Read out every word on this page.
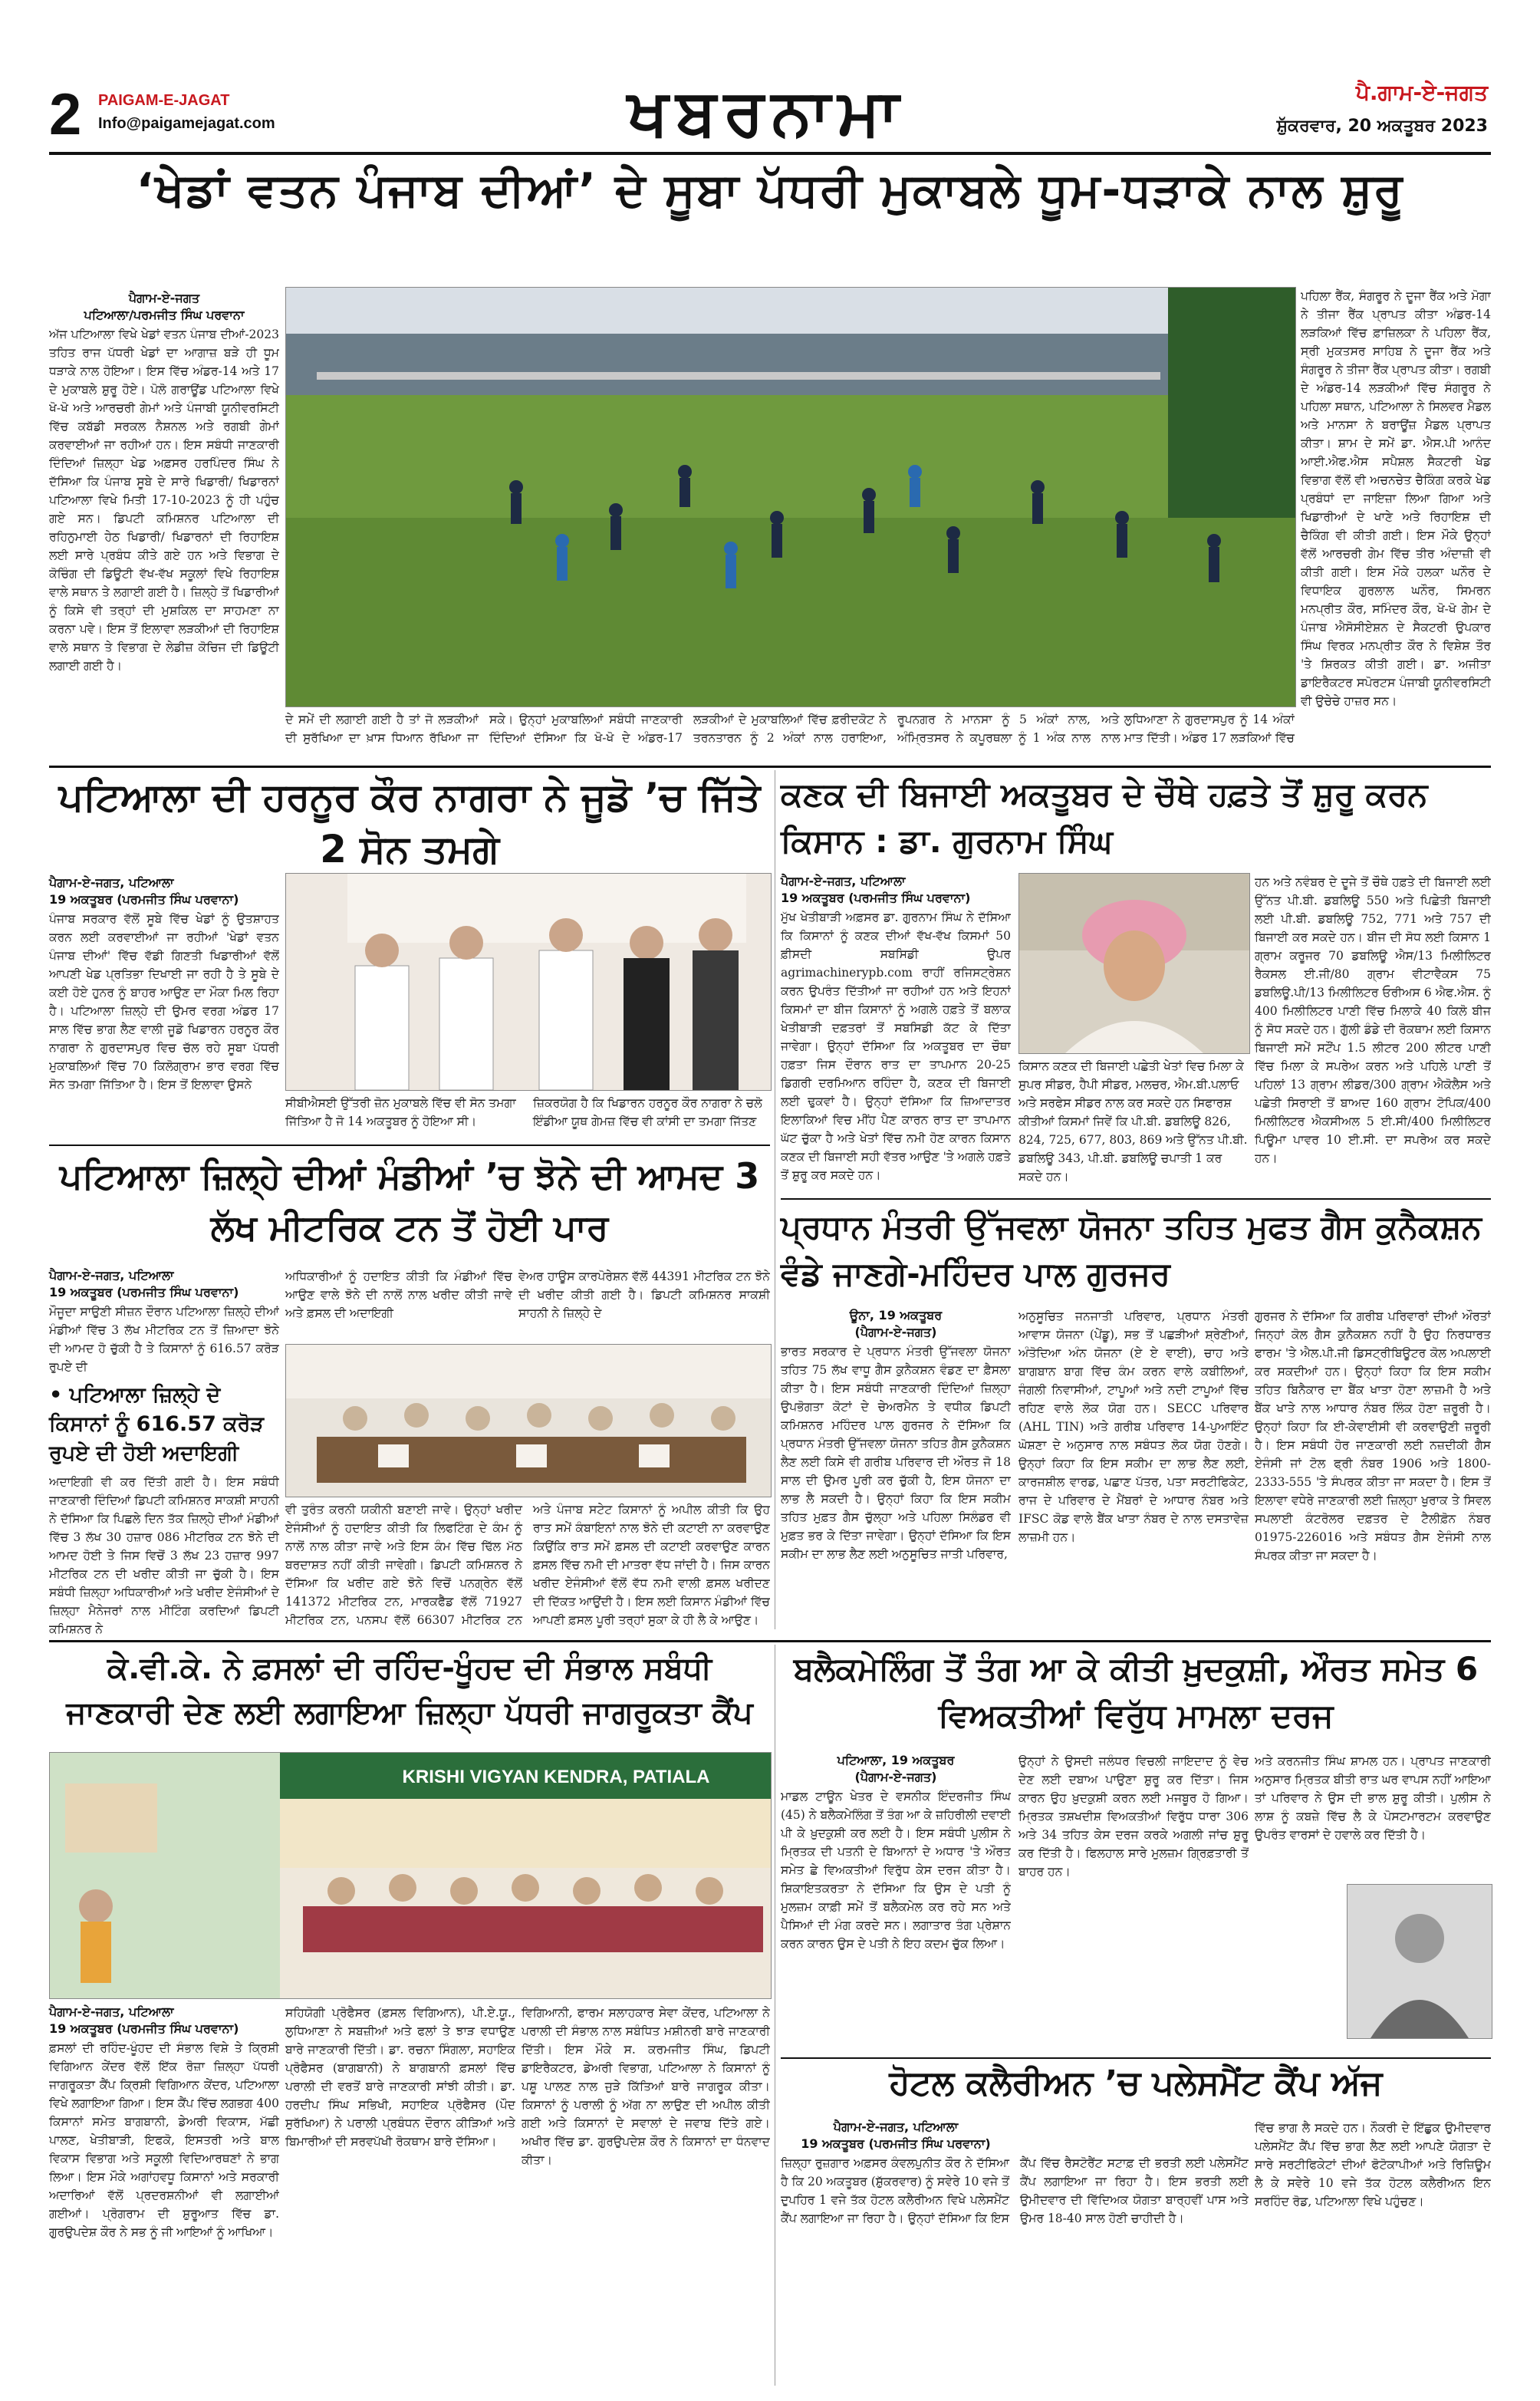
2 PAIGAM-E-JAGAT
Info@paigamejagat.com	ਖਬਰਨਾਮਾ	ਪੈ.ਗਾਮ-ਏ-ਜਗਤ
ਸ਼ੁੱਕਰਵਾਰ, 20 ਅਕਤੂਬਰ 2023
‘ਖੇਡਾਂ ਵਤਨ ਪੰਜਾਬ ਦੀਆਂ’ ਦੇ ਸੂਬਾ ਪੱਧਰੀ ਮੁਕਾਬਲੇ ਧੂਮ-ਧੜਾਕੇ ਨਾਲ ਸ਼ੁਰੂ
ਪੈਗਾਮ-ਏ-ਜਗਤ
ਪਟਿਆਲਾ/ਪਰਮਜੀਤ ਸਿੰਘ ਪਰਵਾਨਾ
ਅੱਜ ਪਟਿਆਲਾ ਵਿਖੇ ਖੇਡਾਂ ਵਤਨ ਪੰਜਾਬ ਦੀਆਂ-2023 ਤਹਿਤ ਰਾਜ ਪੱਧਰੀ ਖੇਡਾਂ ਦਾ ਆਗਾਜ਼ ਬੜੇ ਹੀ ਧੂਮ ਧੜਾਕੇ ਨਾਲ ਹੋਇਆ। ਇਸ ਵਿੱਚ ਅੰਡਰ-14 ਅਤੇ 17 ਦੇ ਮੁਕਾਬਲੇ ਸ਼ੁਰੂ ਹੋਏ। ਪੋਲੋ ਗਰਾਊਂਡ ਪਟਿਆਲਾ ਵਿਖੇ ਖੋ-ਖੋ ਅਤੇ ਆਰਚਰੀ ਗੇਮਾਂ ਅਤੇ ਪੰਜਾਬੀ ਯੂਨੀਵਰਸਿਟੀ ਵਿੱਚ ਕਬੱਡੀ ਸਰਕਲ ਨੈਸ਼ਨਲ ਅਤੇ ਰਗਬੀ ਗੇਮਾਂ ਕਰਵਾਈਆਂ ਜਾ ਰਹੀਆਂ ਹਨ। ਇਸ ਸਬੰਧੀ ਜਾਣਕਾਰੀ ਦਿੰਦਿਆਂ ਜ਼ਿਲ੍ਹਾ ਖੇਡ ਅਫ਼ਸਰ ਹਰਪਿੰਦਰ ਸਿੰਘ ਨੇ ਦੱਸਿਆ ਕਿ ਪੰਜਾਬ ਸੂਬੇ ਦੇ ਸਾਰੇ ਖਿਡਾਰੀ/ ਖਿਡਾਰਨਾਂ ਪਟਿਆਲਾ ਵਿਖੇ ਮਿਤੀ 17-10-2023 ਨੂੰ ਹੀ ਪਹੁੰਚ ਗਏ ਸਨ। ਡਿਪਟੀ ਕਮਿਸ਼ਨਰ ਪਟਿਆਲਾ ਦੀ ਰਹਿਨੁਮਾਈ ਹੇਠ ਖਿਡਾਰੀ/ ਖਿਡਾਰਨਾਂ ਦੀ ਰਿਹਾਇਸ਼ ਲਈ ਸਾਰੇ ਪ੍ਰਬੰਧ ਕੀਤੇ ਗਏ ਹਨ ਅਤੇ ਵਿਭਾਗ ਦੇ ਕੋਚਿੰਗ ਦੀ ਡਿਊਟੀ ਵੱਖ-ਵੱਖ ਸਕੂਲਾਂ ਵਿਖੇ ਰਿਹਾਇਸ਼ ਵਾਲੇ ਸਥਾਨ ਤੇ ਲਗਾਈ ਗਈ ਹੈ। ਜ਼ਿਲ੍ਹੇ ਤੋਂ ਖਿਡਾਰੀਆਂ ਨੂੰ ਕਿਸੇ ਵੀ ਤਰ੍ਹਾਂ ਦੀ ਮੁਸ਼ਕਿਲ ਦਾ ਸਾਹਮਣਾ ਨਾ ਕਰਨਾ ਪਵੇ। ਇਸ ਤੋਂ ਇਲਾਵਾ ਲੜਕੀਆਂ ਦੀ ਰਿਹਾਇਸ਼ ਵਾਲੇ ਸਥਾਨ ਤੇ ਵਿਭਾਗ ਦੇ ਲੇਡੀਜ਼ ਕੋਚਿਜ ਦੀ ਡਿਊਟੀ ਲਗਾਈ ਗਈ ਹੈ।
ਦੇ ਸਮੇਂ ਦੀ ਲਗਾਈ ਗਈ ਹੈ ਤਾਂ ਜੋ ਲੜਕੀਆਂ ਦੀ ਸੁਰੱਖਿਆ ਦਾ ਖ਼ਾਸ ਧਿਆਨ ਰੱਖਿਆ ਜਾ ਸਕੇ। ਉਨ੍ਹਾਂ ਮੁਕਾਬਲਿਆਂ ਸਬੰਧੀ ਜਾਣਕਾਰੀ ਦਿੰਦਿਆਂ ਦੱਸਿਆ ਕਿ ਖੋ-ਖੋ ਦੇ ਅੰਡਰ-17 ਲੜਕੀਆਂ ਦੇ ਮੁਕਾਬਲਿਆਂ ਵਿੱਚ ਫ਼ਰੀਦਕੋਟ ਨੇ ਤਰਨਤਾਰਨ ਨੂੰ 2 ਅੰਕਾਂ ਨਾਲ ਹਰਾਇਆ, ਰੂਪਨਗਰ ਨੇ ਮਾਨਸਾ ਨੂੰ 5 ਅੰਕਾਂ ਨਾਲ, ਅੰਮ੍ਰਿਤਸਰ ਨੇ ਕਪੂਰਥਲਾ ਨੂੰ 1 ਅੰਕ ਨਾਲ ਅਤੇ ਲੁਧਿਆਣਾ ਨੇ ਗੁਰਦਾਸਪੁਰ ਨੂੰ 14 ਅੰਕਾਂ ਨਾਲ ਮਾਤ ਦਿੱਤੀ। ਅੰਡਰ 17 ਲੜਕਿਆਂ ਵਿੱਚ
ਪਹਿਲਾ ਰੈਂਕ, ਸੰਗਰੂਰ ਨੇ ਦੂਜਾ ਰੈਂਕ ਅਤੇ ਮੋਗਾ ਨੇ ਤੀਜਾ ਰੈਂਕ ਪ੍ਰਾਪਤ ਕੀਤਾ ਅੰਡਰ-14 ਲੜਕਿਆਂ ਵਿੱਚ ਫ਼ਾਜ਼ਿਲਕਾ ਨੇ ਪਹਿਲਾ ਰੈਂਕ, ਸ੍ਰੀ ਮੁਕਤਸਰ ਸਾਹਿਬ ਨੇ ਦੂਜਾ ਰੈਂਕ ਅਤੇ ਸੰਗਰੂਰ ਨੇ ਤੀਜਾ ਰੈਂਕ ਪ੍ਰਾਪਤ ਕੀਤਾ। ਰਗਬੀ ਦੇ ਅੰਡਰ-14 ਲੜਕੀਆਂ ਵਿੱਚ ਸੰਗਰੂਰ ਨੇ ਪਹਿਲਾ ਸਥਾਨ, ਪਟਿਆਲਾ ਨੇ ਸਿਲਵਰ ਮੈਡਲ ਅਤੇ ਮਾਨਸਾ ਨੇ ਬਰਾਊਂਜ਼ ਮੈਡਲ ਪ੍ਰਾਪਤ ਕੀਤਾ। ਸ਼ਾਮ ਦੇ ਸਮੇਂ ਡਾ. ਐਸ.ਪੀ ਆਨੰਦ ਆਈ.ਐਫ.ਐਸ ਸਪੈਸ਼ਲ ਸੈਕਟਰੀ ਖੇਡ ਵਿਭਾਗ ਵੱਲੋਂ ਵੀ ਅਚਨਚੇਤ ਚੈਕਿੰਗ ਕਰਕੇ ਖੇਡ ਪ੍ਰਬੰਧਾਂ ਦਾ ਜਾਇਜ਼ਾ ਲਿਆ ਗਿਆ ਅਤੇ ਖਿਡਾਰੀਆਂ ਦੇ ਖਾਣੇ ਅਤੇ ਰਿਹਾਇਸ਼ ਦੀ ਚੈਕਿੰਗ ਵੀ ਕੀਤੀ ਗਈ। ਇਸ ਮੌਕੇ ਉਨ੍ਹਾਂ ਵੱਲੋਂ ਆਰਚਰੀ ਗੇਮ ਵਿੱਚ ਤੀਰ ਅੰਦਾਜ਼ੀ ਵੀ ਕੀਤੀ ਗਈ। ਇਸ ਮੌਕੇ ਹਲਕਾ ਘਨੌਰ ਦੇ ਵਿਧਾਇਕ ਗੁਰਲਾਲ ਘਨੌਰ, ਸਿਮਰਨ ਮਨਪ੍ਰੀਤ ਕੌਰ, ਸਮਿੰਦਰ ਕੌਰ, ਖੋ-ਖੋ ਗੇਮ ਦੇ ਪੰਜਾਬ ਐਸੋਸੀਏਸ਼ਨ ਦੇ ਸੈਕਟਰੀ ਉਪਕਾਰ ਸਿੰਘ ਵਿਰਕ ਮਨਪ੍ਰੀਤ ਕੌਰ ਨੇ ਵਿਸ਼ੇਸ਼ ਤੌਰ 'ਤੇ ਸ਼ਿਰਕਤ ਕੀਤੀ ਗਈ। ਡਾ. ਅਜੀਤਾ ਡਾਇਰੈਕਟਰ ਸਪੋਰਟਸ ਪੰਜਾਬੀ ਯੂਨੀਵਰਸਿਟੀ ਵੀ ਉਚੇਚੇ ਹਾਜ਼ਰ ਸਨ।
ਪਟਿਆਲਾ ਦੀ ਹਰਨੂਰ ਕੌਰ ਨਾਗਰਾ ਨੇ ਜੂਡੋ ’ਚ ਜਿੱਤੇ 2 ਸੋਨ ਤਮਗੇ
ਪੈਗਾਮ-ਏ-ਜਗਤ, ਪਟਿਆਲਾ
19 ਅਕਤੂਬਰ (ਪਰਮਜੀਤ ਸਿੰਘ ਪਰਵਾਨਾ)
ਪੰਜਾਬ ਸਰਕਾਰ ਵੱਲੋਂ ਸੂਬੇ ਵਿੱਚ ਖੇਡਾਂ ਨੂੰ ਉਤਸ਼ਾਹਤ ਕਰਨ ਲਈ ਕਰਵਾਈਆਂ ਜਾ ਰਹੀਆਂ 'ਖੇਡਾਂ ਵਤਨ ਪੰਜਾਬ ਦੀਆਂ' ਵਿੱਚ ਵੱਡੀ ਗਿਣਤੀ ਖਿਡਾਰੀਆਂ ਵੱਲੋਂ ਆਪਣੀ ਖੇਡ ਪ੍ਰਤਿਭਾ ਦਿਖਾਈ ਜਾ ਰਹੀ ਹੈ ਤੇ ਸੂਬੇ ਦੇ ਕਈ ਹੋਏ ਹੁਨਰ ਨੂੰ ਬਾਹਰ ਆਉਣ ਦਾ ਮੌਕਾ ਮਿਲ ਰਿਹਾ ਹੈ। ਪਟਿਆਲਾ ਜ਼ਿਲ੍ਹੇ ਦੀ ਉਮਰ ਵਰਗ ਅੰਡਰ 17 ਸਾਲ ਵਿੱਚ ਭਾਗ ਲੈਣ ਵਾਲੀ ਜੂਡੋ ਖਿਡਾਰਨ ਹਰਨੂਰ ਕੌਰ ਨਾਗਰਾ ਨੇ ਗੁਰਦਾਸਪੁਰ ਵਿਚ ਚੱਲ ਰਹੇ ਸੂਬਾ ਪੱਧਰੀ ਮੁਕਾਬਲਿਆਂ ਵਿੱਚ 70 ਕਿਲੋਗ੍ਰਾਮ ਭਾਰ ਵਰਗ ਵਿੱਚ ਸੋਨ ਤਮਗਾ ਜਿੱਤਿਆ ਹੈ। ਇਸ ਤੋਂ ਇਲਾਵਾ ਉਸਨੇ
ਸੀਬੀਐਸਈ ਉੱਤਰੀ ਜ਼ੋਨ ਮੁਕਾਬਲੇ ਵਿੱਚ ਵੀ ਸੋਨ ਤਮਗਾ ਜਿੱਤਿਆ ਹੈ ਜੋ 14 ਅਕਤੂਬਰ ਨੂੰ ਹੋਇਆ ਸੀ। ਜ਼ਿਕਰਯੋਗ ਹੈ ਕਿ ਖਿਡਾਰਨ ਹਰਨੂਰ ਕੌਰ ਨਾਗਰਾ ਨੇ ਚਲੋ ਇੰਡੀਆ ਯੂਥ ਗੇਮਜ਼ ਵਿੱਚ ਵੀ ਕਾਂਸੀ ਦਾ ਤਮਗਾ ਜਿੱਤਣ
ਕਣਕ ਦੀ ਬਿਜਾਈ ਅਕਤੂਬਰ ਦੇ ਚੌਥੇ ਹਫ਼ਤੇ ਤੋਂ ਸ਼ੁਰੂ ਕਰਨ ਕਿਸਾਨ : ਡਾ. ਗੁਰਨਾਮ ਸਿੰਘ
ਪੈਗਾਮ-ਏ-ਜਗਤ, ਪਟਿਆਲਾ
19 ਅਕਤੂਬਰ (ਪਰਮਜੀਤ ਸਿੰਘ ਪਰਵਾਨਾ)
ਮੁੱਖ ਖੇਤੀਬਾੜੀ ਅਫ਼ਸਰ ਡਾ. ਗੁਰਨਾਮ ਸਿੰਘ ਨੇ ਦੱਸਿਆ ਕਿ ਕਿਸਾਨਾਂ ਨੂੰ ਕਣਕ ਦੀਆਂ ਵੱਖ-ਵੱਖ ਕਿਸਮਾਂ 50 ਫ਼ੀਸਦੀ ਸਬਸਿਡੀ ਉਪਰ agrimachinerypb.com ਰਾਹੀਂ ਰਜਿਸਟ੍ਰੇਸ਼ਨ ਕਰਨ ਉਪਰੰਤ ਦਿੱਤੀਆਂ ਜਾ ਰਹੀਆਂ ਹਨ ਅਤੇ ਇਹਨਾਂ ਕਿਸਮਾਂ ਦਾ ਬੀਜ ਕਿਸਾਨਾਂ ਨੂੰ ਅਗਲੇ ਹਫ਼ਤੇ ਤੋਂ ਬਲਾਕ ਖੇਤੀਬਾੜੀ ਦਫ਼ਤਰਾਂ ਤੋਂ ਸਬਸਿਡੀ ਕੱਟ ਕੇ ਦਿੱਤਾ ਜਾਵੇਗਾ। ਉਨ੍ਹਾਂ ਦੱਸਿਆ ਕਿ ਅਕਤੂਬਰ ਦਾ ਚੌਥਾ ਹਫ਼ਤਾ ਜਿਸ ਦੌਰਾਨ ਰਾਤ ਦਾ ਤਾਪਮਾਨ 20-25 ਡਿਗਰੀ ਦਰਮਿਆਨ ਰਹਿੰਦਾ ਹੈ, ਕਣਕ ਦੀ ਬਿਜਾਈ ਲਈ ਢੁਕਵਾਂ ਹੈ। ਉਨ੍ਹਾਂ ਦੱਸਿਆ ਕਿ ਜ਼ਿਆਦਾਤਰ ਇਲਾਕਿਆਂ ਵਿਚ ਮੀਂਹ ਪੈਣ ਕਾਰਨ ਰਾਤ ਦਾ ਤਾਪਮਾਨ ਘੱਟ ਚੁੱਕਾ ਹੈ ਅਤੇ ਖੇਤਾਂ ਵਿੱਚ ਨਮੀ ਹੋਣ ਕਾਰਨ ਕਿਸਾਨ ਕਣਕ ਦੀ ਬਿਜਾਈ ਸਹੀ ਵੱਤਰ ਆਉਣ 'ਤੇ ਅਗਲੇ ਹਫ਼ਤੇ ਤੋਂ ਸ਼ੁਰੂ ਕਰ ਸਕਦੇ ਹਨ।
ਕਿਸਾਨ ਕਣਕ ਦੀ ਬਿਜਾਈ ਪਛੇਤੀ ਖੇਤਾਂ ਵਿਚ ਮਿਲਾ ਕੇ ਸੁਪਰ ਸੀਡਰ, ਹੈਪੀ ਸੀਡਰ, ਮਲਚਰ, ਐਮ.ਬੀ.ਪਲਾਓ ਅਤੇ ਸਰਫੇਸ ਸੀਡਰ ਨਾਲ ਕਰ ਸਕਦੇ ਹਨ ਸਿਫਾਰਸ਼ ਕੀਤੀਆਂ ਕਿਸਮਾਂ ਜਿਵੇਂ ਕਿ ਪੀ.ਬੀ. ਡਬਲਿਊ 826, 824, 725, 677, 803, 869 ਅਤੇ ਉੱਨਤ ਪੀ.ਬੀ. ਡਬਲਿਊ 343, ਪੀ.ਬੀ. ਡਬਲਿਊ ਚਪਾਤੀ 1 ਕਰ ਸਕਦੇ ਹਨ।
ਹਨ ਅਤੇ ਨਵੰਬਰ ਦੇ ਦੂਜੇ ਤੋਂ ਚੌਥੇ ਹਫ਼ਤੇ ਦੀ ਬਿਜਾਈ ਲਈ ਉੱਨਤ ਪੀ.ਬੀ. ਡਬਲਿਊ 550 ਅਤੇ ਪਿਛੇਤੀ ਬਿਜਾਈ ਲਈ ਪੀ.ਬੀ. ਡਬਲਿਊ 752, 771 ਅਤੇ 757 ਦੀ ਬਿਜਾਈ ਕਰ ਸਕਦੇ ਹਨ। ਬੀਜ ਦੀ ਸੋਧ ਲਈ ਕਿਸਾਨ 1 ਗ੍ਰਾਮ ਕਰੂਜਰ 70 ਡਬਲਿਊ ਐਸ/13 ਮਿਲੀਲਿਟਰ ਰੈਕਸਲ ਈ.ਜੀ/80 ਗ੍ਰਾਮ ਵੀਟਾਵੈਕਸ 75 ਡਬਲਿਊ.ਪੀ/13 ਮਿਲੀਲਿਟਰ ਓਰੀਅਸ 6 ਐਫ.ਐਸ. ਨੂੰ 400 ਮਿਲੀਲਿਟਰ ਪਾਣੀ ਵਿੱਚ ਮਿਲਾਕੇ 40 ਕਿਲੋ ਬੀਜ ਨੂੰ ਸੋਧ ਸਕਦੇ ਹਨ। ਗੁੱਲੀ ਡੰਡੇ ਦੀ ਰੋਕਥਾਮ ਲਈ ਕਿਸਾਨ ਬਿਜਾਈ ਸਮੇਂ ਸਟੌਂਪ 1.5 ਲੀਟਰ 200 ਲੀਟਰ ਪਾਣੀ ਵਿੱਚ ਮਿਲਾ ਕੇ ਸਪਰੇਅ ਕਰਨ ਅਤੇ ਪਹਿਲੇ ਪਾਣੀ ਤੋਂ ਪਹਿਲਾਂ 13 ਗ੍ਰਾਮ ਲੀਡਰ/300 ਗ੍ਰਾਮ ਐਕੋਲੈਸ ਅਤੇ ਪਛੇਤੀ ਸਿਰਾਈ ਤੋਂ ਬਾਅਦ 160 ਗ੍ਰਾਮ ਟੋਪਿਕ/400 ਮਿਲੀਲਿਟਰ ਐਕਸੀਅਲ 5 ਈ.ਸੀ/400 ਮਿਲੀਲਿਟਰ ਪਿਊਮਾ ਪਾਵਰ 10 ਈ.ਸੀ. ਦਾ ਸਪਰੇਅ ਕਰ ਸਕਦੇ ਹਨ।
ਪਟਿਆਲਾ ਜ਼ਿਲ੍ਹੇ ਦੀਆਂ ਮੰਡੀਆਂ ’ਚ ਝੋਨੇ ਦੀ ਆਮਦ 3 ਲੱਖ ਮੀਟਰਿਕ ਟਨ ਤੋਂ ਹੋਈ ਪਾਰ
ਪੈਗਾਮ-ਏ-ਜਗਤ, ਪਟਿਆਲਾ
19 ਅਕਤੂਬਰ (ਪਰਮਜੀਤ ਸਿੰਘ ਪਰਵਾਨਾ)
ਮੌਜੂਦਾ ਸਾਉਣੀ ਸੀਜ਼ਨ ਦੌਰਾਨ ਪਟਿਆਲਾ ਜ਼ਿਲ੍ਹੇ ਦੀਆਂ ਮੰਡੀਆਂ ਵਿੱਚ 3 ਲੱਖ ਮੀਟਰਿਕ ਟਨ ਤੋਂ ਜ਼ਿਆਦਾ ਝੋਨੇ ਦੀ ਆਮਦ ਹੋ ਚੁੱਕੀ ਹੈ ਤੇ ਕਿਸਾਨਾਂ ਨੂੰ 616.57 ਕਰੋੜ ਰੁਪਏ ਦੀ
• ਪਟਿਆਲਾ ਜ਼ਿਲ੍ਹੇ ਦੇ ਕਿਸਾਨਾਂ ਨੂੰ 616.57 ਕਰੋੜ ਰੁਪਏ ਦੀ ਹੋਈ ਅਦਾਇਗੀ
ਅਦਾਇਗੀ ਵੀ ਕਰ ਦਿੱਤੀ ਗਈ ਹੈ। ਇਸ ਸਬੰਧੀ ਜਾਣਕਾਰੀ ਦਿੰਦਿਆਂ ਡਿਪਟੀ ਕਮਿਸ਼ਨਰ ਸਾਕਸ਼ੀ ਸਾਹਨੀ ਨੇ ਦੱਸਿਆ ਕਿ ਪਿਛਲੇ ਦਿਨ ਤੱਕ ਜ਼ਿਲ੍ਹੇ ਦੀਆਂ ਮੰਡੀਆਂ ਵਿੱਚ 3 ਲੱਖ 30 ਹਜ਼ਾਰ 086 ਮੀਟਰਿਕ ਟਨ ਝੋਨੇ ਦੀ ਆਮਦ ਹੋਈ ਤੇ ਜਿਸ ਵਿਚੋਂ 3 ਲੱਖ 23 ਹਜ਼ਾਰ 997 ਮੀਟਰਿਕ ਟਨ ਦੀ ਖਰੀਦ ਕੀਤੀ ਜਾ ਚੁੱਕੀ ਹੈ। ਇਸ ਸਬੰਧੀ ਜ਼ਿਲ੍ਹਾ ਅਧਿਕਾਰੀਆਂ ਅਤੇ ਖਰੀਦ ਏਜੰਸੀਆਂ ਦੇ ਜ਼ਿਲ੍ਹਾ ਮੈਨੇਜਰਾਂ ਨਾਲ ਮੀਟਿੰਗ ਕਰਦਿਆਂ ਡਿਪਟੀ ਕਮਿਸ਼ਨਰ ਨੇ
ਅਧਿਕਾਰੀਆਂ ਨੂੰ ਹਦਾਇਤ ਕੀਤੀ ਕਿ ਮੰਡੀਆਂ ਵਿੱਚ ਆਉਣ ਵਾਲੇ ਝੋਨੇ ਦੀ ਨਾਲੋਂ ਨਾਲ ਖਰੀਦ ਕੀਤੀ ਜਾਵੇ ਅਤੇ ਫ਼ਸਲ ਦੀ ਅਦਾਇਗੀ
ਵੇਅਰ ਹਾਊਸ ਕਾਰਪੋਰੇਸ਼ਨ ਵੱਲੋਂ 44391 ਮੀਟਰਿਕ ਟਨ ਝੋਨੇ ਦੀ ਖਰੀਦ ਕੀਤੀ ਗਈ ਹੈ। ਡਿਪਟੀ ਕਮਿਸ਼ਨਰ ਸਾਕਸ਼ੀ ਸਾਹਨੀ ਨੇ ਜ਼ਿਲ੍ਹੇ ਦੇ
ਵੀ ਤੁਰੰਤ ਕਰਨੀ ਯਕੀਨੀ ਬਣਾਈ ਜਾਵੇ। ਉਨ੍ਹਾਂ ਖਰੀਦ ਏਜੰਸੀਆਂ ਨੂੰ ਹਦਾਇਤ ਕੀਤੀ ਕਿ ਲਿਫਟਿੰਗ ਦੇ ਕੰਮ ਨੂੰ ਨਾਲੋਂ ਨਾਲ ਕੀਤਾ ਜਾਵੇ ਅਤੇ ਇਸ ਕੰਮ ਵਿੱਚ ਢਿੱਲ ਮੱਠ ਬਰਦਾਸ਼ਤ ਨਹੀਂ ਕੀਤੀ ਜਾਵੇਗੀ। ਡਿਪਟੀ ਕਮਿਸ਼ਨਰ ਨੇ ਦੱਸਿਆ ਕਿ ਖਰੀਦ ਗਏ ਝੋਨੇ ਵਿਚੋਂ ਪਨਗ੍ਰੇਨ ਵੱਲੋਂ 141372 ਮੀਟਰਿਕ ਟਨ, ਮਾਰਕਫੈੱਡ ਵੱਲੋਂ 71927 ਮੀਟਰਿਕ ਟਨ, ਪਨਸਪ ਵੱਲੋਂ 66307 ਮੀਟਰਿਕ ਟਨ ਅਤੇ ਪੰਜਾਬ ਸਟੇਟ ਕਿਸਾਨਾਂ ਨੂੰ ਅਪੀਲ ਕੀਤੀ ਕਿ ਉਹ ਰਾਤ ਸਮੇਂ ਕੰਬਾਇਨਾਂ ਨਾਲ ਝੋਨੇ ਦੀ ਕਟਾਈ ਨਾ ਕਰਵਾਉਣ ਕਿਉਂਕਿ ਰਾਤ ਸਮੇਂ ਫ਼ਸਲ ਦੀ ਕਟਾਈ ਕਰਵਾਉਣ ਕਾਰਨ ਫ਼ਸਲ ਵਿੱਚ ਨਮੀ ਦੀ ਮਾਤਰਾ ਵੱਧ ਜਾਂਦੀ ਹੈ। ਜਿਸ ਕਾਰਨ ਖਰੀਦ ਏਜੰਸੀਆਂ ਵੱਲੋਂ ਵੱਧ ਨਮੀ ਵਾਲੀ ਫ਼ਸਲ ਖਰੀਦਣ ਦੀ ਦਿੱਕਤ ਆਉਂਦੀ ਹੈ। ਇਸ ਲਈ ਕਿਸਾਨ ਮੰਡੀਆਂ ਵਿੱਚ ਆਪਣੀ ਫ਼ਸਲ ਪੂਰੀ ਤਰ੍ਹਾਂ ਸੁਕਾ ਕੇ ਹੀ ਲੈ ਕੇ ਆਉਣ।
ਪ੍ਰਧਾਨ ਮੰਤਰੀ ਉੱਜਵਲਾ ਯੋਜਨਾ ਤਹਿਤ ਮੁਫਤ ਗੈਸ ਕੁਨੈਕਸ਼ਨ ਵੰਡੇ ਜਾਣਗੇ-ਮਹਿੰਦਰ ਪਾਲ ਗੁਰਜਰ
ਊਨਾ, 19 ਅਕਤੂਬਰ
(ਪੈਗਾਮ-ਏ-ਜਗਤ)
ਭਾਰਤ ਸਰਕਾਰ ਦੇ ਪ੍ਰਧਾਨ ਮੰਤਰੀ ਉੱਜਵਲਾ ਯੋਜਨਾ ਤਹਿਤ 75 ਲੱਖ ਵਾਧੂ ਗੈਸ ਕੁਨੈਕਸ਼ਨ ਵੰਡਣ ਦਾ ਫ਼ੈਸਲਾ ਕੀਤਾ ਹੈ। ਇਸ ਸਬੰਧੀ ਜਾਣਕਾਰੀ ਦਿੰਦਿਆਂ ਜ਼ਿਲ੍ਹਾ ਉਪਭੋਗਤਾ ਕੋਟਾਂ ਦੇ ਚੇਅਰਮੈਨ ਤੇ ਵਧੀਕ ਡਿਪਟੀ ਕਮਿਸ਼ਨਰ ਮਹਿੰਦਰ ਪਾਲ ਗੁਰਜਰ ਨੇ ਦੱਸਿਆ ਕਿ ਪ੍ਰਧਾਨ ਮੰਤਰੀ ਉੱਜਵਲਾ ਯੋਜਨਾ ਤਹਿਤ ਗੈਸ ਕੁਨੈਕਸ਼ਨ ਲੈਣ ਲਈ ਕਿਸੇ ਵੀ ਗਰੀਬ ਪਰਿਵਾਰ ਦੀ ਔਰਤ ਜੋ 18 ਸਾਲ ਦੀ ਉਮਰ ਪੂਰੀ ਕਰ ਚੁੱਕੀ ਹੈ, ਇਸ ਯੋਜਨਾ ਦਾ ਲਾਭ ਲੈ ਸਕਦੀ ਹੈ। ਉਨ੍ਹਾਂ ਕਿਹਾ ਕਿ ਇਸ ਸਕੀਮ ਤਹਿਤ ਮੁਫ਼ਤ ਗੈਸ ਚੁੱਲ੍ਹਾ ਅਤੇ ਪਹਿਲਾ ਸਿਲੰਡਰ ਵੀ ਮੁਫ਼ਤ ਭਰ ਕੇ ਦਿੱਤਾ ਜਾਵੇਗਾ। ਉਨ੍ਹਾਂ ਦੱਸਿਆ ਕਿ ਇਸ ਸਕੀਮ ਦਾ ਲਾਭ ਲੈਣ ਲਈ ਅਨੁਸੂਚਿਤ ਜਾਤੀ ਪਰਿਵਾਰ,
ਅਨੁਸੂਚਿਤ ਜਨਜਾਤੀ ਪਰਿਵਾਰ, ਪ੍ਰਧਾਨ ਮੰਤਰੀ ਆਵਾਸ ਯੋਜਨਾ (ਪੇਂਡੂ), ਸਭ ਤੋਂ ਪਛੜੀਆਂ ਸ਼੍ਰੇਣੀਆਂ, ਅੰਤੋਦਿਆ ਅੰਨ ਯੋਜਨਾ (ਏ ਏ ਵਾਈ), ਚਾਹ ਅਤੇ ਬਾਗਬਾਨ ਬਾਗ ਵਿੱਚ ਕੰਮ ਕਰਨ ਵਾਲੇ ਕਬੀਲਿਆਂ, ਜੰਗਲੀ ਨਿਵਾਸੀਆਂ, ਟਾਪੂਆਂ ਅਤੇ ਨਦੀ ਟਾਪੂਆਂ ਵਿੱਚ ਰਹਿਣ ਵਾਲੇ ਲੋਕ ਯੋਗ ਹਨ। SECC ਪਰਿਵਾਰ (AHL TIN) ਅਤੇ ਗਰੀਬ ਪਰਿਵਾਰ 14-ਪੁਆਇੰਟ ਘੋਸ਼ਣਾ ਦੇ ਅਨੁਸਾਰ ਨਾਲ ਸਬੰਧਤ ਲੋਕ ਯੋਗ ਹੋਣਗੇ। ਉਨ੍ਹਾਂ ਕਿਹਾ ਕਿ ਇਸ ਸਕੀਮ ਦਾ ਲਾਭ ਲੈਣ ਲਈ, ਕਾਰਜਸ਼ੀਲ ਵਾਰਡ, ਪਛਾਣ ਪੱਤਰ, ਪਤਾ ਸਰਟੀਫਿਕੇਟ, ਰਾਜ ਦੇ ਪਰਿਵਾਰ ਦੇ ਮੈਂਬਰਾਂ ਦੇ ਆਧਾਰ ਨੰਬਰ ਅਤੇ IFSC ਕੋਡ ਵਾਲੇ ਬੈਂਕ ਖਾਤਾ ਨੰਬਰ ਦੇ ਨਾਲ ਦਸਤਾਵੇਜ਼ ਲਾਜ਼ਮੀ ਹਨ।
ਗੁਰਜਰ ਨੇ ਦੱਸਿਆ ਕਿ ਗਰੀਬ ਪਰਿਵਾਰਾਂ ਦੀਆਂ ਔਰਤਾਂ ਜਿਨ੍ਹਾਂ ਕੋਲ ਗੈਸ ਕੁਨੈਕਸ਼ਨ ਨਹੀਂ ਹੈ ਉਹ ਨਿਰਧਾਰਤ ਫਾਰਮ 'ਤੇ ਐਲ.ਪੀ.ਜੀ ਡਿਸਟ੍ਰੀਬਿਊਟਰ ਕੋਲ ਅਪਲਾਈ ਕਰ ਸਕਦੀਆਂ ਹਨ। ਉਨ੍ਹਾਂ ਕਿਹਾ ਕਿ ਇਸ ਸਕੀਮ ਤਹਿਤ ਬਿਨੈਕਾਰ ਦਾ ਬੈਂਕ ਖਾਤਾ ਹੋਣਾ ਲਾਜ਼ਮੀ ਹੈ ਅਤੇ ਬੈਂਕ ਖਾਤੇ ਨਾਲ ਆਧਾਰ ਨੰਬਰ ਲਿੰਕ ਹੋਣਾ ਜ਼ਰੂਰੀ ਹੈ। ਉਨ੍ਹਾਂ ਕਿਹਾ ਕਿ ਈ-ਕੇਵਾਈਸੀ ਵੀ ਕਰਵਾਉਣੀ ਜ਼ਰੂਰੀ ਹੈ। ਇਸ ਸਬੰਧੀ ਹੋਰ ਜਾਣਕਾਰੀ ਲਈ ਨਜ਼ਦੀਕੀ ਗੈਸ ਏਜੰਸੀ ਜਾਂ ਟੋਲ ਫ੍ਰੀ ਨੰਬਰ 1906 ਅਤੇ 1800-2333-555 'ਤੇ ਸੰਪਰਕ ਕੀਤਾ ਜਾ ਸਕਦਾ ਹੈ। ਇਸ ਤੋਂ ਇਲਾਵਾ ਵਧੇਰੇ ਜਾਣਕਾਰੀ ਲਈ ਜ਼ਿਲ੍ਹਾ ਖੁਰਾਕ ਤੇ ਸਿਵਲ ਸਪਲਾਈ ਕੰਟਰੋਲਰ ਦਫ਼ਤਰ ਦੇ ਟੈਲੀਫ਼ੋਨ ਨੰਬਰ 01975-226016 ਅਤੇ ਸਬੰਧਤ ਗੈਸ ਏਜੰਸੀ ਨਾਲ ਸੰਪਰਕ ਕੀਤਾ ਜਾ ਸਕਦਾ ਹੈ।
ਕੇ.ਵੀ.ਕੇ. ਨੇ ਫ਼ਸਲਾਂ ਦੀ ਰਹਿੰਦ-ਖੂੰਹਦ ਦੀ ਸੰਭਾਲ ਸਬੰਧੀ ਜਾਣਕਾਰੀ ਦੇਣ ਲਈ ਲਗਾਇਆ ਜ਼ਿਲ੍ਹਾ ਪੱਧਰੀ ਜਾਗਰੂਕਤਾ ਕੈਂਪ
KRISHI VIGYAN KENDRA, PATIALA
ਪੈਗਾਮ-ਏ-ਜਗਤ, ਪਟਿਆਲਾ
19 ਅਕਤੂਬਰ (ਪਰਮਜੀਤ ਸਿੰਘ ਪਰਵਾਨਾ)
ਫ਼ਸਲਾਂ ਦੀ ਰਹਿੰਦ-ਖੂੰਹਦ ਦੀ ਸੰਭਾਲ ਵਿਸ਼ੇ ਤੇ ਕ੍ਰਿਸ਼ੀ ਵਿਗਿਆਨ ਕੇਂਦਰ ਵੱਲੋਂ ਇੱਕ ਰੋਜ਼ਾ ਜ਼ਿਲ੍ਹਾ ਪੱਧਰੀ ਜਾਗਰੂਕਤਾ ਕੈਂਪ ਕ੍ਰਿਸ਼ੀ ਵਿਗਿਆਨ ਕੇਂਦਰ, ਪਟਿਆਲਾ ਵਿਖੇ ਲਗਾਇਆ ਗਿਆ। ਇਸ ਕੈਂਪ ਵਿੱਚ ਲਗਭਗ 400 ਕਿਸਾਨਾਂ ਸਮੇਤ ਬਾਗਬਾਨੀ, ਡੇਅਰੀ ਵਿਕਾਸ, ਮੱਛੀ ਪਾਲਣ, ਖੇਤੀਬਾੜੀ, ਇਫਕੋ, ਇਸਤਰੀ ਅਤੇ ਬਾਲ ਵਿਕਾਸ ਵਿਭਾਗ ਅਤੇ ਸਕੂਲੀ ਵਿਦਿਆਰਥਣਾਂ ਨੇ ਭਾਗ ਲਿਆ। ਇਸ ਮੌਕੇ ਅਗਾਂਹਵਧੂ ਕਿਸਾਨਾਂ ਅਤੇ ਸਰਕਾਰੀ ਅਦਾਰਿਆਂ ਵੱਲੋਂ ਪ੍ਰਦਰਸ਼ਨੀਆਂ ਵੀ ਲਗਾਈਆਂ ਗਈਆਂ। ਪ੍ਰੋਗਰਾਮ ਦੀ ਸ਼ੁਰੂਆਤ ਵਿੱਚ ਡਾ. ਗੁਰਉਪਦੇਸ਼ ਕੌਰ ਨੇ ਸਭ ਨੂੰ ਜੀ ਆਇਆਂ ਨੂੰ ਆਖਿਆ।
ਸਹਿਯੋਗੀ ਪ੍ਰੋਫੈਸਰ (ਫ਼ਸਲ ਵਿਗਿਆਨ), ਪੀ.ਏ.ਯੂ., ਲੁਧਿਆਣਾ ਨੇ ਸਬਜ਼ੀਆਂ ਅਤੇ ਫਲਾਂ ਤੇ ਝਾੜ ਵਧਾਉਣ ਬਾਰੇ ਜਾਣਕਾਰੀ ਦਿੱਤੀ। ਡਾ. ਰਚਨਾ ਸਿੰਗਲਾ, ਸਹਾਇਕ ਪ੍ਰੋਫੈਸਰ (ਬਾਗਬਾਨੀ) ਨੇ ਬਾਗਬਾਨੀ ਫ਼ਸਲਾਂ ਵਿੱਚ ਪਰਾਲੀ ਦੀ ਵਰਤੋਂ ਬਾਰੇ ਜਾਣਕਾਰੀ ਸਾਂਝੀ ਕੀਤੀ। ਡਾ. ਹਰਦੀਪ ਸਿੰਘ ਸਭਿਖੀ, ਸਹਾਇਕ ਪ੍ਰੋਫੈਸਰ (ਪੌਦ ਸੁਰੱਖਿਆ) ਨੇ ਪਰਾਲੀ ਪ੍ਰਬੰਧਨ ਦੌਰਾਨ ਕੀੜਿਆਂ ਅਤੇ ਬਿਮਾਰੀਆਂ ਦੀ ਸਰਵਪੱਖੀ ਰੋਕਥਾਮ ਬਾਰੇ ਦੱਸਿਆ।
ਵਿਗਿਆਨੀ, ਫਾਰਮ ਸਲਾਹਕਾਰ ਸੇਵਾ ਕੇਂਦਰ, ਪਟਿਆਲਾ ਨੇ ਪਰਾਲੀ ਦੀ ਸੰਭਾਲ ਨਾਲ ਸਬੰਧਿਤ ਮਸ਼ੀਨਰੀ ਬਾਰੇ ਜਾਣਕਾਰੀ ਦਿੱਤੀ। ਇਸ ਮੌਕੇ ਸ. ਕਰਮਜੀਤ ਸਿੰਘ, ਡਿਪਟੀ ਡਾਇਰੈਕਟਰ, ਡੇਅਰੀ ਵਿਭਾਗ, ਪਟਿਆਲਾ ਨੇ ਕਿਸਾਨਾਂ ਨੂੰ ਪਸ਼ੂ ਪਾਲਣ ਨਾਲ ਜੁੜੇ ਕਿੱਤਿਆਂ ਬਾਰੇ ਜਾਗਰੂਕ ਕੀਤਾ। ਕਿਸਾਨਾਂ ਨੂੰ ਪਰਾਲੀ ਨੂੰ ਅੱਗ ਨਾ ਲਾਉਣ ਦੀ ਅਪੀਲ ਕੀਤੀ ਗਈ ਅਤੇ ਕਿਸਾਨਾਂ ਦੇ ਸਵਾਲਾਂ ਦੇ ਜਵਾਬ ਦਿੱਤੇ ਗਏ। ਅਖੀਰ ਵਿੱਚ ਡਾ. ਗੁਰਉਪਦੇਸ਼ ਕੌਰ ਨੇ ਕਿਸਾਨਾਂ ਦਾ ਧੰਨਵਾਦ ਕੀਤਾ।
ਬਲੈਕਮੇਲਿੰਗ ਤੋਂ ਤੰਗ ਆ ਕੇ ਕੀਤੀ ਖ਼ੁਦਕੁਸ਼ੀ, ਔਰਤ ਸਮੇਤ 6 ਵਿਅਕਤੀਆਂ ਵਿਰੁੱਧ ਮਾਮਲਾ ਦਰਜ
ਪਟਿਆਲਾ, 19 ਅਕਤੂਬਰ
(ਪੈਗਾਮ-ਏ-ਜਗਤ)
ਮਾਡਲ ਟਾਊਨ ਖੇਤਰ ਦੇ ਵਸਨੀਕ ਇੰਦਰਜੀਤ ਸਿੰਘ (45) ਨੇ ਬਲੈਕਮੇਲਿੰਗ ਤੋਂ ਤੰਗ ਆ ਕੇ ਜ਼ਹਿਰੀਲੀ ਦਵਾਈ ਪੀ ਕੇ ਖ਼ੁਦਕੁਸ਼ੀ ਕਰ ਲਈ ਹੈ। ਇਸ ਸਬੰਧੀ ਪੁਲੀਸ ਨੇ ਮ੍ਰਿਤਕ ਦੀ ਪਤਨੀ ਦੇ ਬਿਆਨਾਂ ਦੇ ਅਧਾਰ 'ਤੇ ਔਰਤ ਸਮੇਤ ਛੇ ਵਿਅਕਤੀਆਂ ਵਿਰੁੱਧ ਕੇਸ ਦਰਜ ਕੀਤਾ ਹੈ। ਸ਼ਿਕਾਇਤਕਰਤਾ ਨੇ ਦੱਸਿਆ ਕਿ ਉਸ ਦੇ ਪਤੀ ਨੂੰ ਮੁਲਜ਼ਮ ਕਾਫ਼ੀ ਸਮੇਂ ਤੋਂ ਬਲੈਕਮੇਲ ਕਰ ਰਹੇ ਸਨ ਅਤੇ ਪੈਸਿਆਂ ਦੀ ਮੰਗ ਕਰਦੇ ਸਨ। ਲਗਾਤਾਰ ਤੰਗ ਪ੍ਰੇਸ਼ਾਨ ਕਰਨ ਕਾਰਨ ਉਸ ਦੇ ਪਤੀ ਨੇ ਇਹ ਕਦਮ ਚੁੱਕ ਲਿਆ।
ਉਨ੍ਹਾਂ ਨੇ ਉਸਦੀ ਜਲੰਧਰ ਵਿਚਲੀ ਜਾਇਦਾਦ ਨੂੰ ਵੇਚ ਦੇਣ ਲਈ ਦਬਾਅ ਪਾਉਣਾ ਸ਼ੁਰੂ ਕਰ ਦਿੱਤਾ। ਜਿਸ ਕਾਰਨ ਉਹ ਖ਼ੁਦਕੁਸ਼ੀ ਕਰਨ ਲਈ ਮਜਬੂਰ ਹੋ ਗਿਆ। ਮ੍ਰਿਤਕ ਤਸ਼ਖਦੀਸ਼ ਵਿਅਕਤੀਆਂ ਵਿਰੁੱਧ ਧਾਰਾ 306 ਅਤੇ 34 ਤਹਿਤ ਕੇਸ ਦਰਜ ਕਰਕੇ ਅਗਲੀ ਜਾਂਚ ਸ਼ੁਰੂ ਕਰ ਦਿੱਤੀ ਹੈ। ਫਿਲਹਾਲ ਸਾਰੇ ਮੁਲਜ਼ਮ ਗ੍ਰਿਫ਼ਤਾਰੀ ਤੋਂ ਬਾਹਰ ਹਨ।
ਅਤੇ ਕਰਨਜੀਤ ਸਿੰਘ ਸ਼ਾਮਲ ਹਨ। ਪ੍ਰਾਪਤ ਜਾਣਕਾਰੀ ਅਨੁਸਾਰ ਮ੍ਰਿਤਕ ਬੀਤੀ ਰਾਤ ਘਰ ਵਾਪਸ ਨਹੀਂ ਆਇਆ ਤਾਂ ਪਰਿਵਾਰ ਨੇ ਉਸ ਦੀ ਭਾਲ ਸ਼ੁਰੂ ਕੀਤੀ। ਪੁਲੀਸ ਨੇ ਲਾਸ਼ ਨੂੰ ਕਬਜ਼ੇ ਵਿੱਚ ਲੈ ਕੇ ਪੋਸਟਮਾਰਟਮ ਕਰਵਾਉਣ ਉਪਰੰਤ ਵਾਰਸਾਂ ਦੇ ਹਵਾਲੇ ਕਰ ਦਿੱਤੀ ਹੈ।
ਹੋਟਲ ਕਲੈਰੀਅਨ ’ਚ ਪਲੇਸਮੈਂਟ ਕੈਂਪ ਅੱਜ
ਪੈਗਾਮ-ਏ-ਜਗਤ, ਪਟਿਆਲਾ
19 ਅਕਤੂਬਰ (ਪਰਮਜੀਤ ਸਿੰਘ ਪਰਵਾਨਾ)
ਜ਼ਿਲ੍ਹਾ ਰੁਜ਼ਗਾਰ ਅਫ਼ਸਰ ਕੰਵਲਪੁਨੀਤ ਕੌਰ ਨੇ ਦੱਸਿਆ ਹੈ ਕਿ 20 ਅਕਤੂਬਰ (ਸ਼ੁੱਕਰਵਾਰ) ਨੂੰ ਸਵੇਰੇ 10 ਵਜੇ ਤੋਂ ਦੁਪਹਿਰ 1 ਵਜੇ ਤੱਕ ਹੋਟਲ ਕਲੈਰੀਅਨ ਵਿਖੇ ਪਲੇਸਮੈਂਟ ਕੈਂਪ ਲਗਾਇਆ ਜਾ ਰਿਹਾ ਹੈ। ਉਨ੍ਹਾਂ ਦੱਸਿਆ ਕਿ ਇਸ ਕੈਂਪ ਵਿੱਚ ਰੈਸਟੋਰੈਂਟ ਸਟਾਫ਼ ਦੀ ਭਰਤੀ ਲਈ ਪਲੇਸਮੈਂਟ ਕੈਂਪ ਲਗਾਇਆ ਜਾ ਰਿਹਾ ਹੈ। ਇਸ ਭਰਤੀ ਲਈ ਉਮੀਦਵਾਰ ਦੀ ਵਿੱਦਿਅਕ ਯੋਗਤਾ ਬਾਰ੍ਹਵੀਂ ਪਾਸ ਅਤੇ ਉਮਰ 18-40 ਸਾਲ ਹੋਣੀ ਚਾਹੀਦੀ ਹੈ।
ਵਿੱਚ ਭਾਗ ਲੈ ਸਕਦੇ ਹਨ। ਨੌਕਰੀ ਦੇ ਇੱਛੁਕ ਉਮੀਦਵਾਰ ਪਲੇਸਮੈਂਟ ਕੈਂਪ ਵਿੱਚ ਭਾਗ ਲੈਣ ਲਈ ਆਪਣੇ ਯੋਗਤਾ ਦੇ ਸਾਰੇ ਸਰਟੀਫਿਕੇਟਾਂ ਦੀਆਂ ਫੋਟੋਕਾਪੀਆਂ ਅਤੇ ਰਿਜ਼ਿਊਮ ਲੈ ਕੇ ਸਵੇਰੇ 10 ਵਜੇ ਤੱਕ ਹੋਟਲ ਕਲੈਰੀਅਨ ਇਨ ਸਰਹਿੰਦ ਰੋਡ, ਪਟਿਆਲਾ ਵਿਖੇ ਪਹੁੰਚਣ।
